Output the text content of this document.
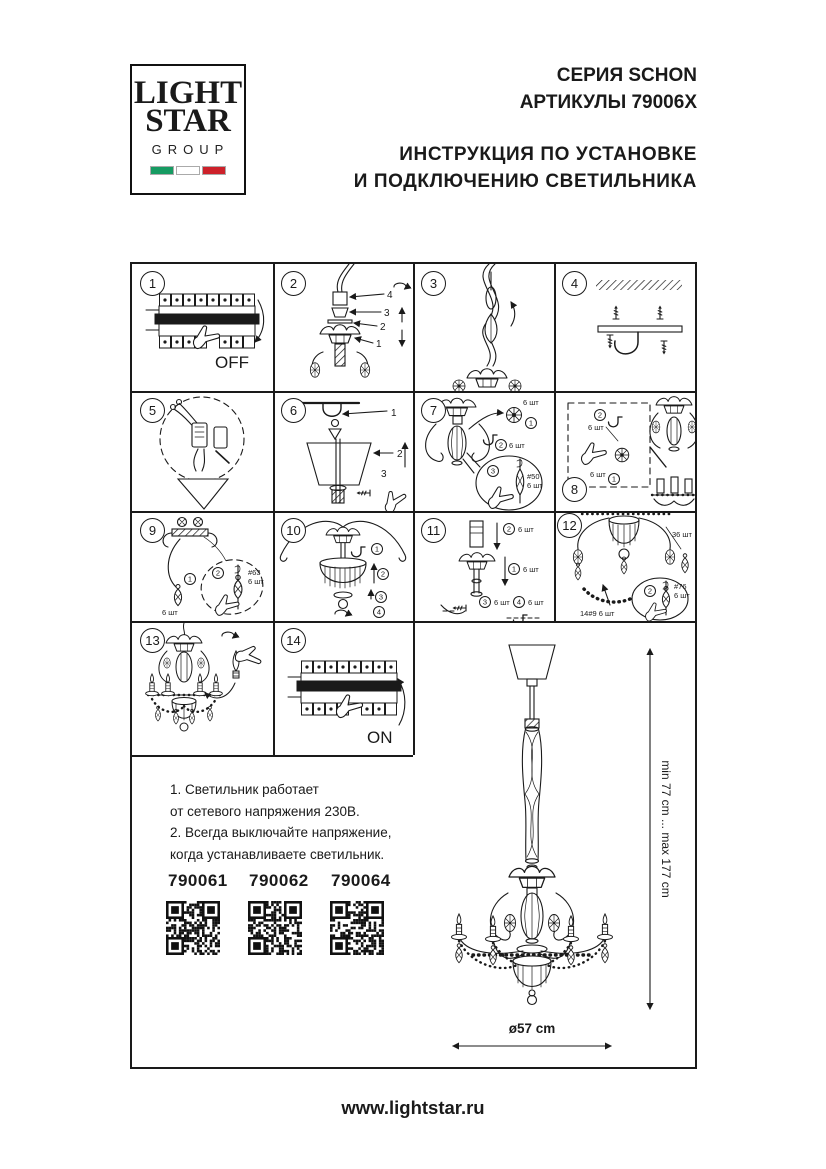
LIGHT
STAR
GROUP
СЕРИЯ SCHON
АРТИКУЛЫ 79006X
ИНСТРУКЦИЯ ПО УСТАНОВКЕ
И ПОДКЛЮЧЕНИЮ СВЕТИЛЬНИКА
1
OFF
2
4
3
2
1
3	4
5	6	1
2
3
7
1
6 шт
2 6 шт
3
#50
6 шт	8
2
6 шт
6 шт
1
9
1
6 шт
2	#63
6 шт
10
1
2
3
4
11	2 6 шт
1 6 шт
3 6 шт 4 6 шт
12
36 шт
14#9 6 шт
2
#76
6 шт
13	14
ON
1. Светильник работает
от сетевого напряжения 230В.
2. Всегда выключайте напряжение,
когда устанавливаете светильник.
790061 790062 790064
ø57 cm
min 77 cm ... max 177 cm
www.lightstar.ru
